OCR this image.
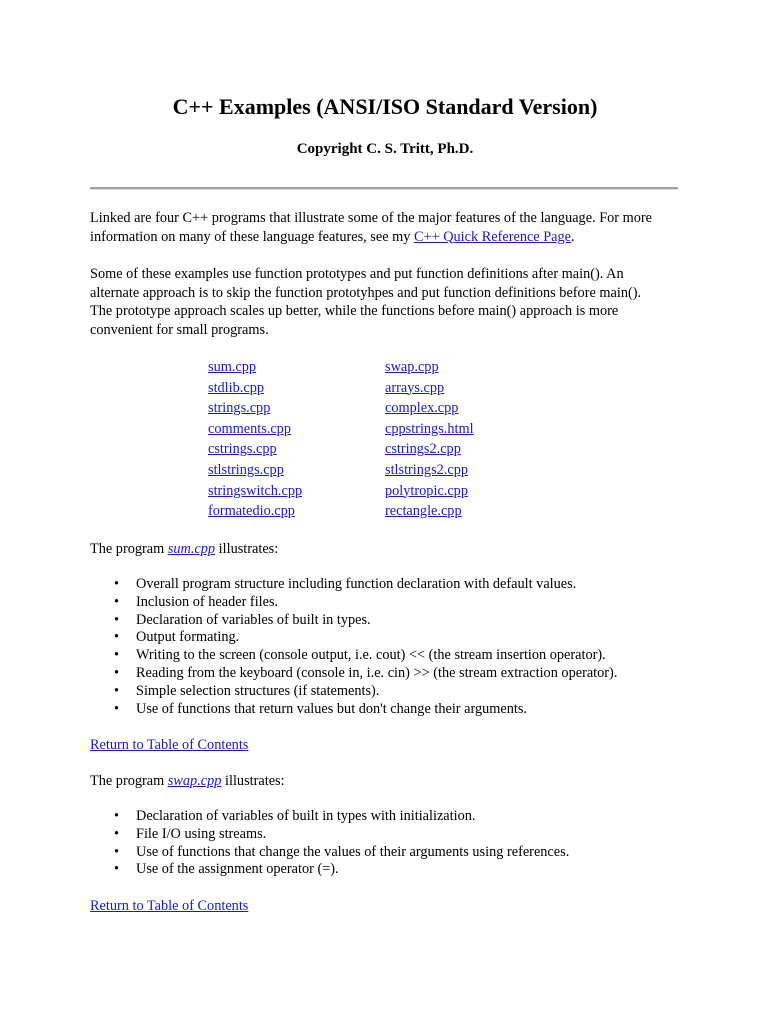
C++ Examples (ANSI/ISO Standard Version)
Copyright C. S. Tritt, Ph.D.

Linked are four C++ programs that illustrate some of the major features of the language. For more information on many of these language features, see my C++ Quick Reference Page.

Some of these examples use function prototypes and put function definitions after main(). An
alternate approach is to skip the function prototyhpes and put function definitions before main().
The prototype approach scales up better, while the functions before main() approach is more
convenient for small programs.

sum.cpp
stdlib.cpp
strings.cpp
comments.cpp
cstrings.cpp
stlstrings.cpp
stringswitch.cpp
formatedio.cpp
swap.cpp
arrays.cpp
complex.cpp
cppstrings.html
cstrings2.cpp
stlstrings2.cpp
polytropic.cpp
rectangle.cpp

The program sum.cpp illustrates:

• Overall program structure including function declaration with default values.
• Inclusion of header files.
• Declaration of variables of built in types.
• Output formating.
• Writing to the screen (console output, i.e. cout) << (the stream insertion operator).
• Reading from the keyboard (console in, i.e. cin) >> (the stream extraction operator).
• Simple selection structures (if statements).
• Use of functions that return values but don't change their arguments.
Return to Table of Contents

The program swap.cpp illustrates:

• Declaration of variables of built in types with initialization.
• File I/O using streams.
• Use of functions that change the values of their arguments using references.
• Use of the assignment operator (=).
Return to Table of Contents
